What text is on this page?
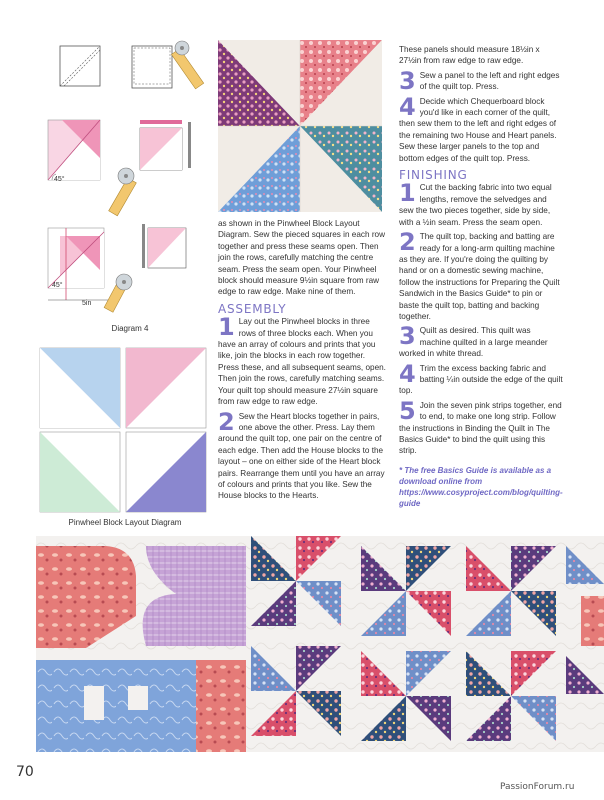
45°
45°
5in
Diagram 4
Pinwheel Block Layout Diagram

as shown in the Pinwheel Block Layout Diagram. Sew the pieced squares in each row together and press these seams open. Then join the rows, carefully matching the centre seam. Press the seam open. Your Pinwheel block should measure 9½in square from raw edge to raw edge. Make nine of them.

ASSEMBLY
1 Lay out the Pinwheel blocks in three rows of three blocks each. When you have an array of colours and prints that you like, join the blocks in each row together. Press these, and all subsequent seams, open. Then join the rows, carefully matching seams. Your quilt top should measure 27½in square from raw edge to raw edge.
2 Sew the Heart blocks together in pairs, one above the other. Press. Lay them around the quilt top, one pair on the centre of each edge. Then add the House blocks to the layout – one on either side of the Heart block pairs. Rearrange them until you have an array of colours and prints that you like. Sew the House blocks to the Hearts.

These panels should measure 18½in x 27½in from raw edge to raw edge.

3 Sew a panel to the left and right edges of the quilt top. Press.
4 Decide which Chequerboard block you'd like in each corner of the quilt, then sew them to the left and right edges of the remaining two House and Heart panels. Sew these larger panels to the top and bottom edges of the quilt top. Press.
FINISHING
1 Cut the backing fabric into two equal lengths, remove the selvedges and sew the two pieces together, side by side, with a ½in seam. Press the seam open.
2 The quilt top, backing and batting are ready for a long-arm quilting machine as they are. If you're doing the quilting by hand or on a domestic sewing machine, follow the instructions for Preparing the Quilt Sandwich in the Basics Guide* to pin or baste the quilt top, batting and backing together.
3 Quilt as desired. This quilt was machine quilted in a large meander worked in white thread.
4 Trim the excess backing fabric and batting ¼in outside the edge of the quilt top.
5 Join the seven pink strips together, end to end, to make one long strip. Follow the instructions in Binding the Quilt in The Basics Guide* to bind the quilt using this strip.
* The free Basics Guide is available as a download online from https://www.cosyproject.com/blog/quilting-guide
70
PassionForum.ru
